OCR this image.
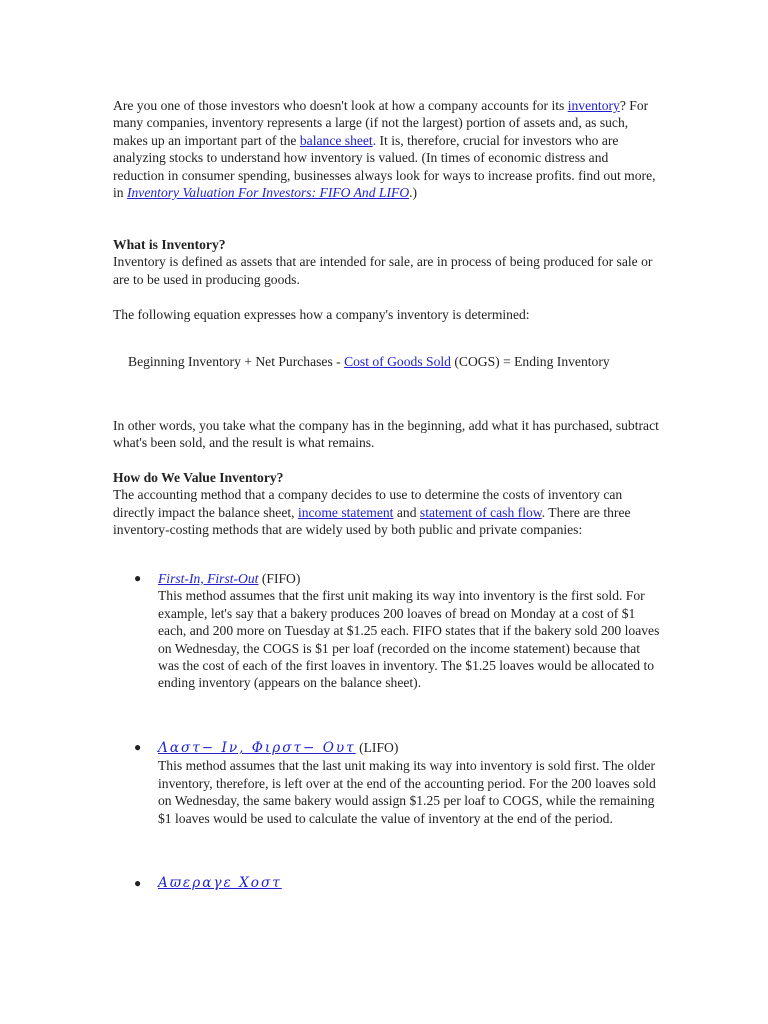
Are you one of those investors who doesn't look at how a company accounts for its inventory? For many companies, inventory represents a large (if not the largest) portion of assets and, as such, makes up an important part of the balance sheet. It is, therefore, crucial for investors who are analyzing stocks to understand how inventory is valued. (In times of economic distress and reduction in consumer spending, businesses always look for ways to increase profits. find out more, in Inventory Valuation For Investors: FIFO And LIFO.)

What is Inventory?
Inventory is defined as assets that are intended for sale, are in process of being produced for sale or are to be used in producing goods.

The following equation expresses how a company's inventory is determined:

Beginning Inventory + Net Purchases - Cost of Goods Sold (COGS) = Ending Inventory

In other words, you take what the company has in the beginning, add what it has purchased, subtract what's been sold, and the result is what remains.

How do We Value Inventory?
The accounting method that a company decides to use to determine the costs of inventory can directly impact the balance sheet, income statement and statement of cash flow. There are three inventory-costing methods that are widely used by both public and private companies:
● First-In, First-Out (FIFO)
This method assumes that the first unit making its way into inventory is the first sold. For example, let's say that a bakery produces 200 loaves of bread on Monday at a cost of $1 each, and 200 more on Tuesday at $1.25 each. FIFO states that if the bakery sold 200 loaves on Wednesday, the COGS is $1 per loaf (recorded on the income statement) because that was the cost of each of the first loaves in inventory. The $1.25 loaves would be allocated to ending inventory (appears on the balance sheet).
● Λαστ− Ιν, Φιρστ− Ουτ (LIFO)
This method assumes that the last unit making its way into inventory is sold first. The older inventory, therefore, is left over at the end of the accounting period. For the 200 loaves sold on Wednesday, the same bakery would assign $1.25 per loaf to COGS, while the remaining $1 loaves would be used to calculate the value of inventory at the end of the period.
● Αϖεραγε Χοστ
